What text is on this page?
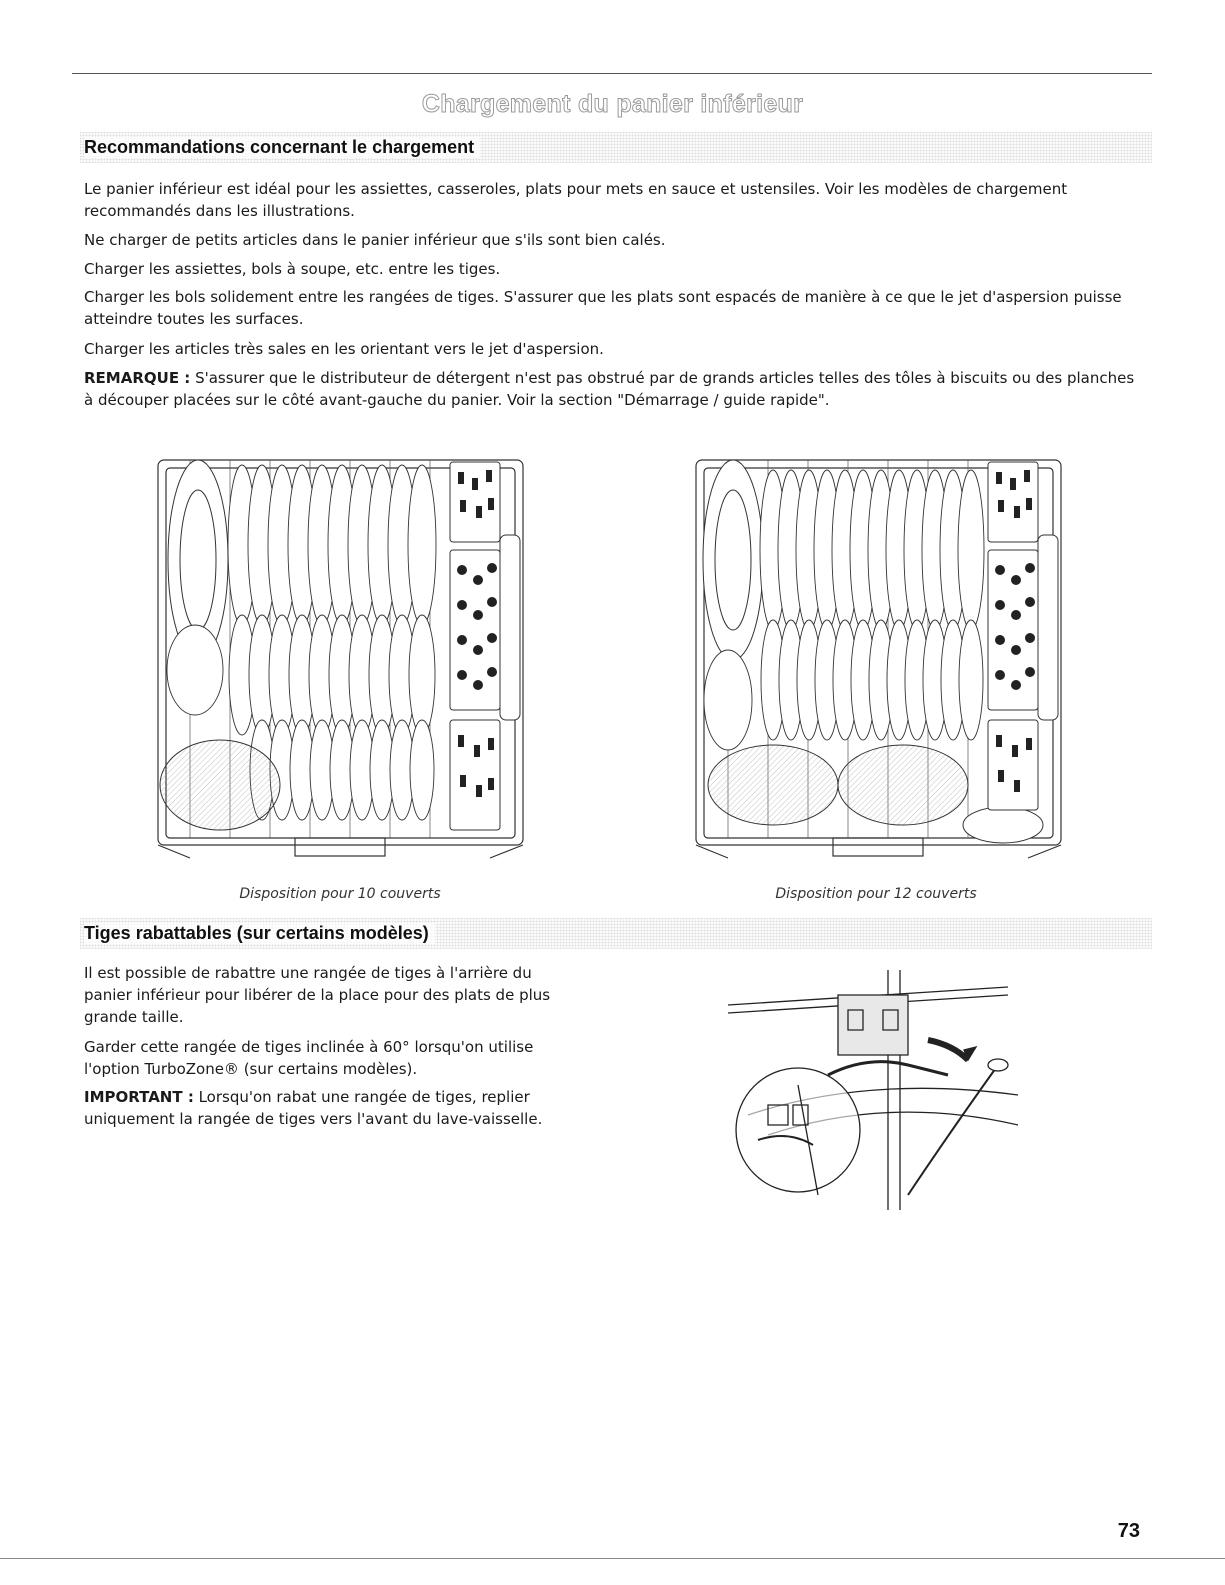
Chargement du panier inférieur
Recommandations concernant le chargement

Le panier inférieur est idéal pour les assiettes, casseroles, plats pour mets en sauce et ustensiles. Voir les modèles de chargement recommandés dans les illustrations.

Ne charger de petits articles dans le panier inférieur que s'ils sont bien calés.

Charger les assiettes, bols à soupe, etc. entre les tiges.

Charger les bols solidement entre les rangées de tiges. S'assurer que les plats sont espacés de manière à ce que le jet d'aspersion puisse atteindre toutes les surfaces.

Charger les articles très sales en les orientant vers le jet d'aspersion.

REMARQUE : S'assurer que le distributeur de détergent n'est pas obstrué par de grands articles telles des tôles à biscuits ou des planches à découper placées sur le côté avant-gauche du panier. Voir la section "Démarrage / guide rapide".

Disposition pour 10 couverts	Disposition pour 12 couverts
Tiges rabattables (sur certains modèles)

Il est possible de rabattre une rangée de tiges à l'arrière du panier inférieur pour libérer de la place pour des plats de plus grande taille.

Garder cette rangée de tiges inclinée à 60° lorsqu'on utilise l'option TurboZone® (sur certains modèles).

IMPORTANT : Lorsqu'on rabat une rangée de tiges, replier uniquement la rangée de tiges vers l'avant du lave-vaisselle.

73
